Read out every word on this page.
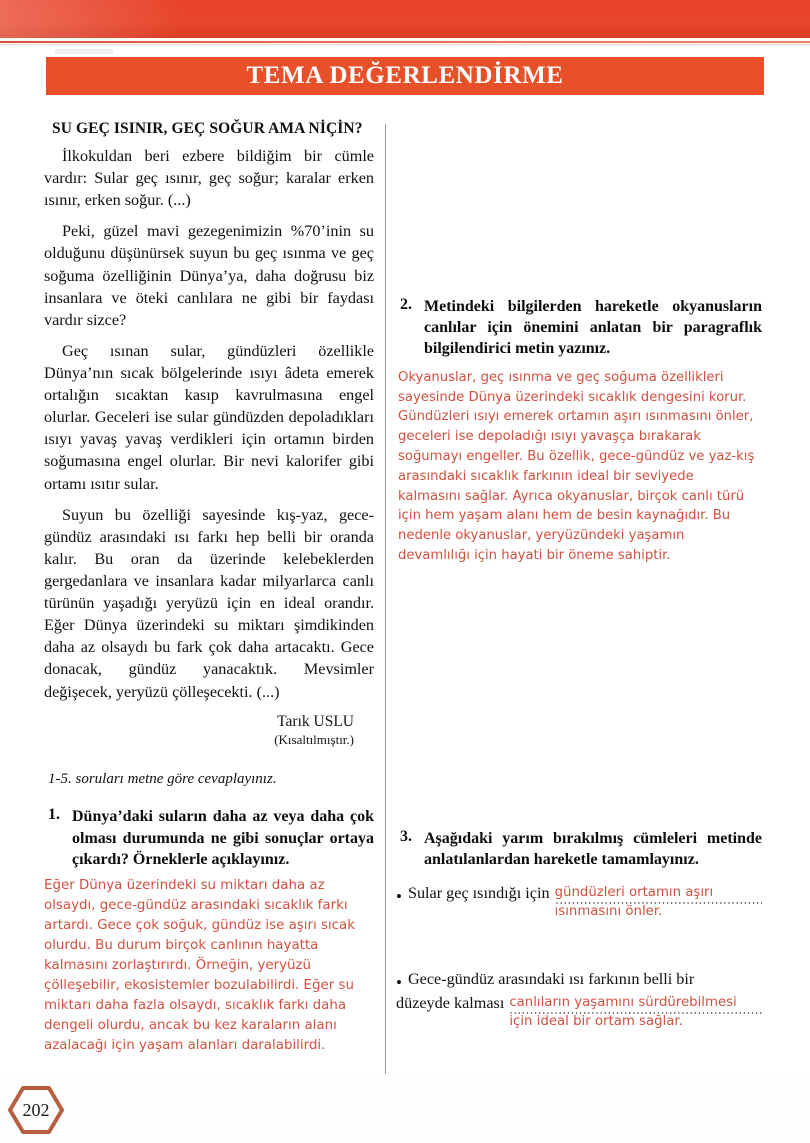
TEMA DEĞERLENDİRME
SU GEÇ ISINIR, GEÇ SOĞUR AMA NİÇİN?

İlkokuldan beri ezbere bildiğim bir cümle vardır: Sular geç ısınır, geç soğur; karalar erken ısınır, erken soğur. (...)

Peki, güzel mavi gezegenimizin %70’inin su olduğunu düşünürsek suyun bu geç ısınma ve geç soğuma özelliğinin Dünya’ya, daha doğrusu biz insanlara ve öteki canlılara ne gibi bir faydası vardır sizce?

Geç ısınan sular, gündüzleri özellikle Dünya’nın sıcak bölgelerinde ısıyı âdeta emerek ortalığın sıcaktan kasıp kavrulmasına engel olurlar. Geceleri ise sular gündüzden depoladıkları ısıyı yavaş yavaş verdikleri için ortamın birden soğumasına engel olurlar. Bir nevi kalorifer gibi ortamı ısıtır sular.

Suyun bu özelliği sayesinde kış-yaz, gece-gündüz arasındaki ısı farkı hep belli bir oranda kalır. Bu oran da üzerinde kelebeklerden gergedanlara ve insanlara kadar milyarlarca canlı türünün yaşadığı yeryüzü için en ideal orandır. Eğer Dünya üzerindeki su miktarı şimdikinden daha az olsaydı bu fark çok daha artacaktı. Gece donacak, gündüz yanacaktık. Mevsimler değişecek, yeryüzü çölleşecekti. (...)

Tarık USLU
(Kısaltılmıştır.)
1-5. soruları metne göre cevaplayınız.
1. Dünya’daki suların daha az veya daha çok olması durumunda ne gibi sonuçlar ortaya çıkardı? Örneklerle açıklayınız.
Eğer Dünya üzerindeki su miktarı daha az olsaydı, gece-gündüz arasındaki sıcaklık farkı artardı. Gece çok soğuk, gündüz ise aşırı sıcak olurdu. Bu durum birçok canlının hayatta kalmasını zorlaştırırdı. Örneğin, yeryüzü çölleşebilir, ekosistemler bozulabilirdi. Eğer su miktarı daha fazla olsaydı, sıcaklık farkı daha dengeli olurdu, ancak bu kez karaların alanı azalacağı için yaşam alanları daralabilirdi.
2. Metindeki bilgilerden hareketle okyanusların canlılar için önemini anlatan bir paragraflık bilgilendirici metin yazınız.
Okyanuslar, geç ısınma ve geç soğuma özellikleri sayesinde Dünya üzerindeki sıcaklık dengesini korur. Gündüzleri ısıyı emerek ortamın aşırı ısınmasını önler, geceleri ise depoladığı ısıyı yavaşça bırakarak soğumayı engeller. Bu özellik, gece-gündüz ve yaz-kış arasındaki sıcaklık farkının ideal bir seviyede kalmasını sağlar. Ayrıca okyanuslar, birçok canlı türü için hem yaşam alanı hem de besin kaynağıdır. Bu nedenle okyanuslar, yeryüzündeki yaşamın devamlılığı için hayati bir öneme sahiptir.
3. Aşağıdaki yarım bırakılmış cümleleri metinde anlatılanlardan hareketle tamamlayınız.
• Sular geç ısındığı için gündüzleri ortamın aşırı ısınmasını önler.
• Gece-gündüz arasındaki ısı farkının belli bir
düzeyde kalması canlıların yaşamını sürdürebilmesi için ideal bir ortam sağlar.
202
